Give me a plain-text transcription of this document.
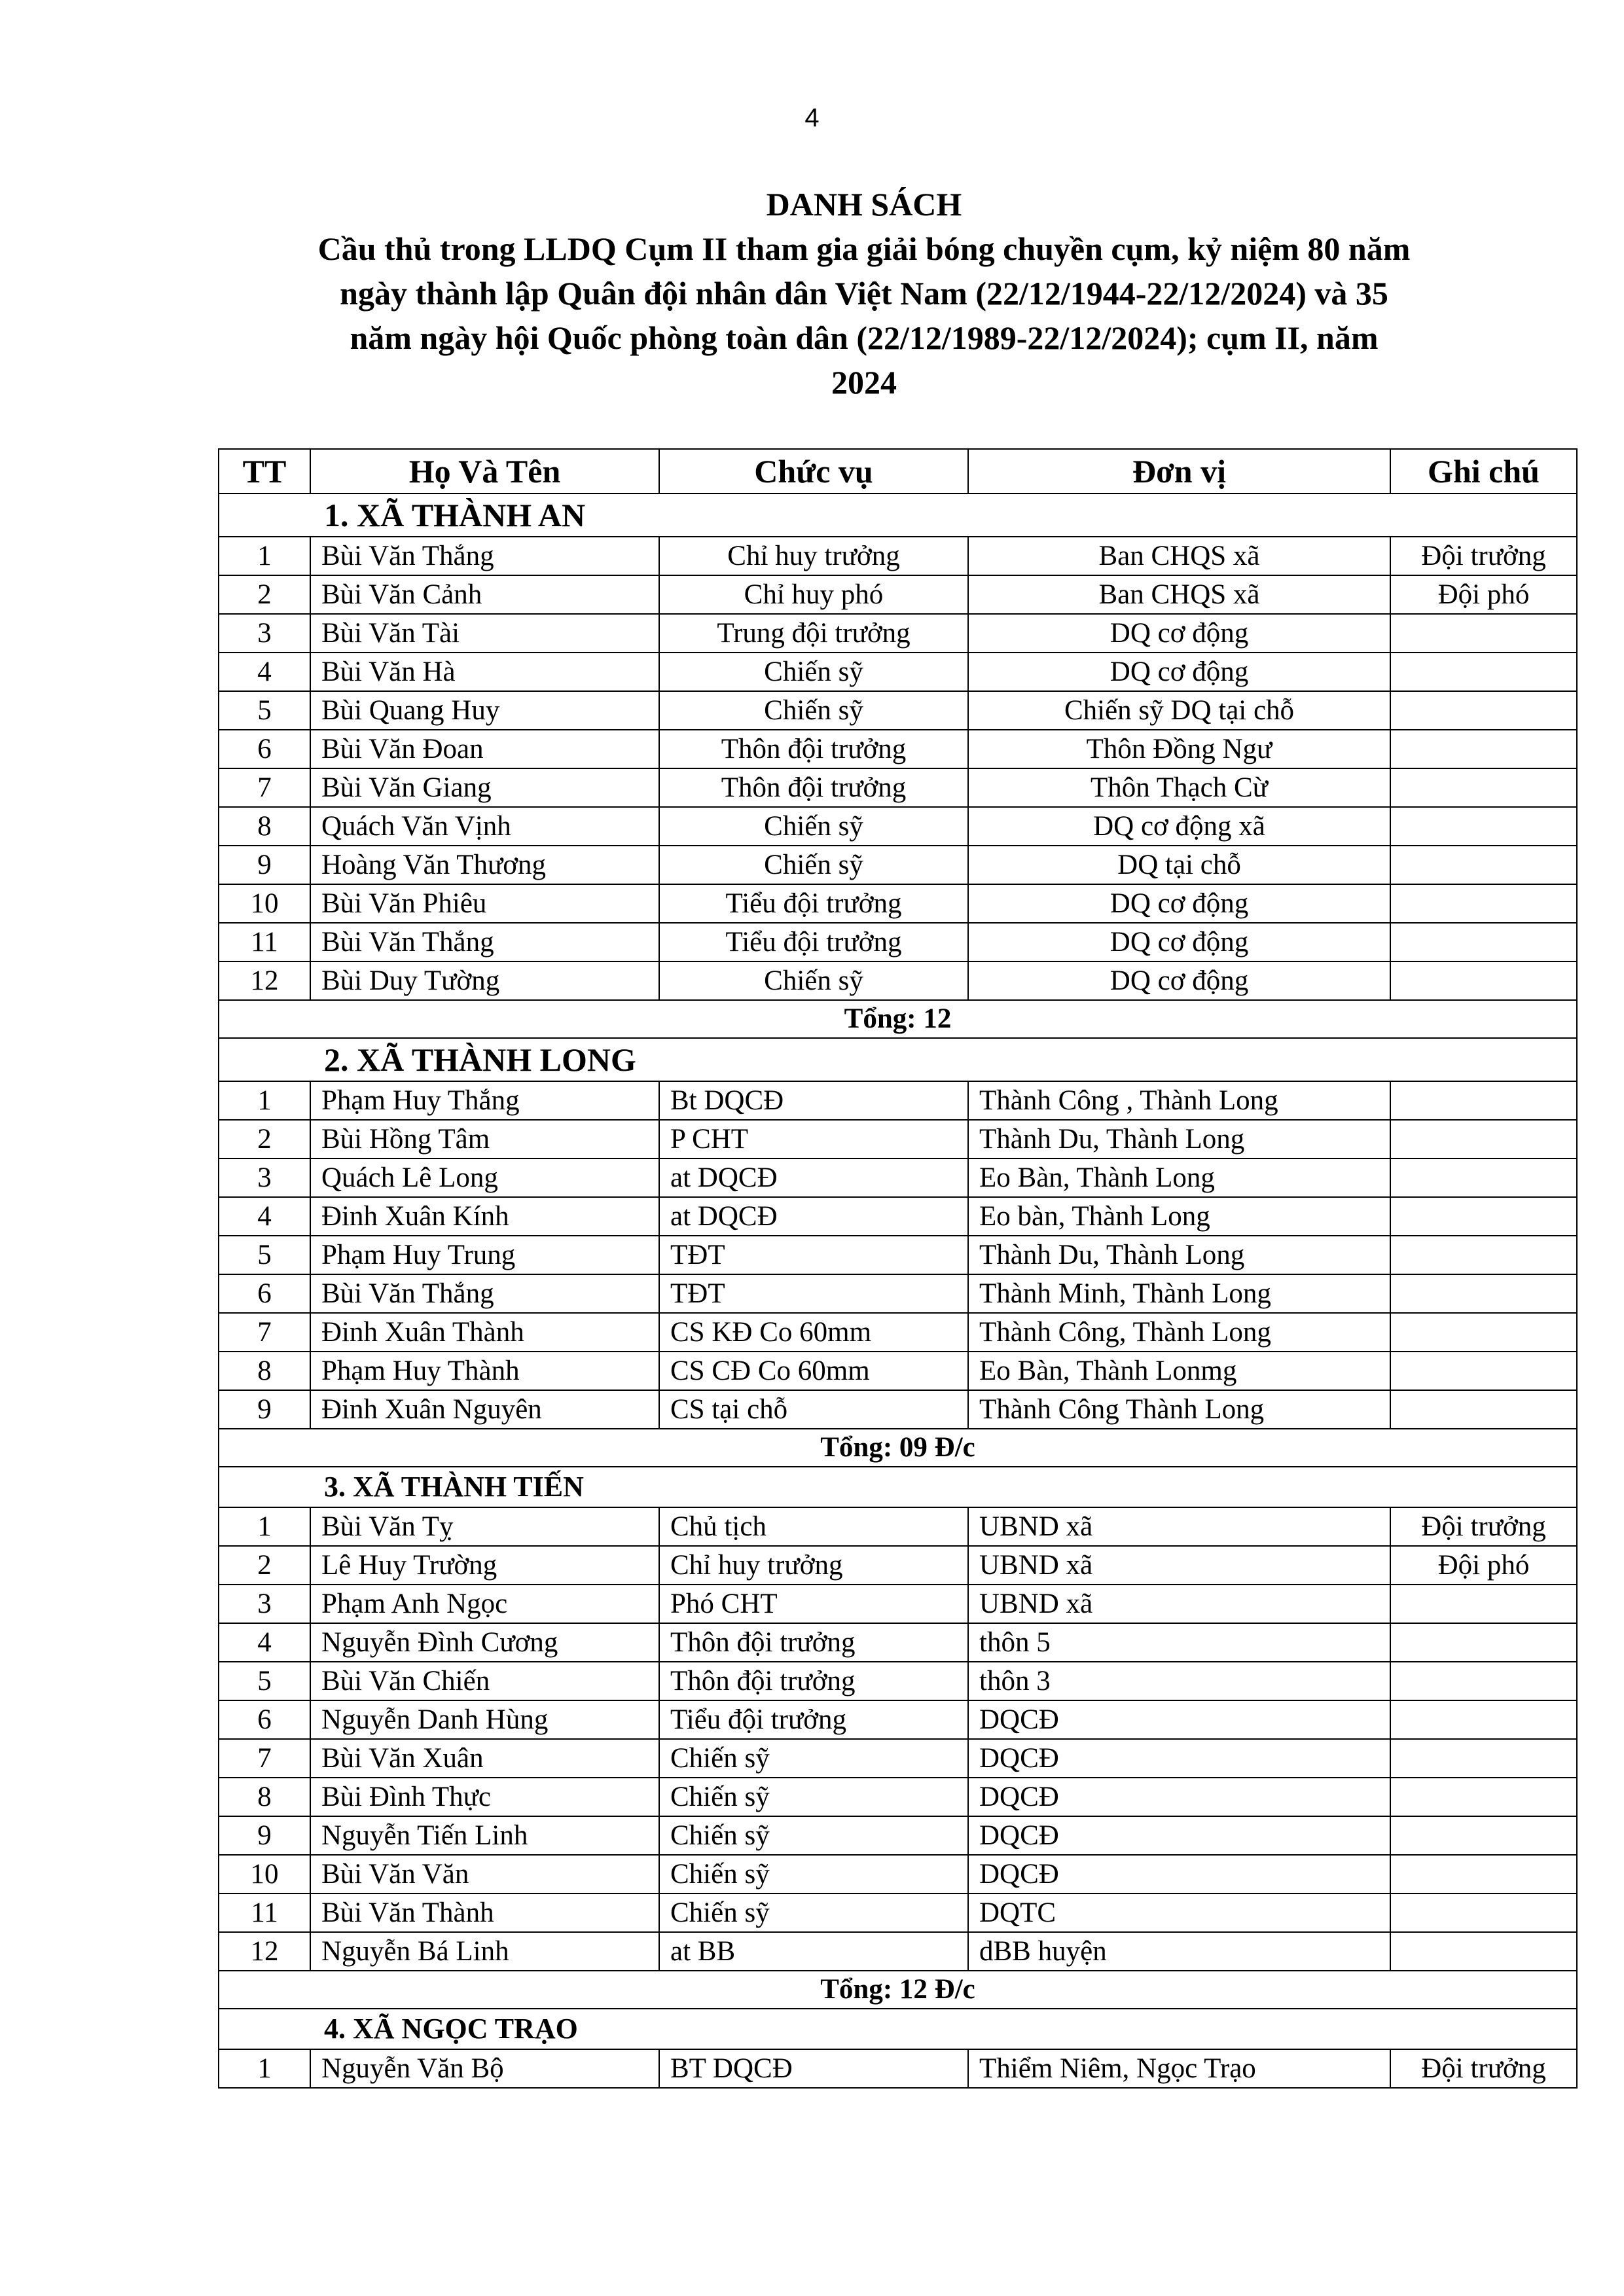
4
DANH SÁCH
Cầu thủ trong LLDQ Cụm II tham gia giải bóng chuyền cụm, kỷ niệm 80 năm
ngày thành lập Quân đội nhân dân Việt Nam (22/12/1944-22/12/2024) và 35
năm ngày hội Quốc phòng toàn dân (22/12/1989-22/12/2024); cụm II, năm
2024
TT	Họ Và Tên	Chức vụ	Đơn vị	Ghi chú
1. XÃ THÀNH AN				
1	Bùi Văn Thắng	Chỉ huy trưởng	Ban CHQS xã	Đội trưởng
2	Bùi Văn Cảnh	Chỉ huy phó	Ban CHQS xã	Đội phó
3	Bùi Văn Tài	Trung đội trưởng	DQ cơ động	
4	Bùi Văn Hà	Chiến sỹ	DQ cơ động	
5	Bùi Quang Huy	Chiến sỹ	Chiến sỹ DQ tại chỗ	
6	Bùi Văn Đoan	Thôn đội trưởng	Thôn Đồng Ngư	
7	Bùi Văn Giang	Thôn đội trưởng	Thôn Thạch Cừ	
8	Quách Văn Vịnh	Chiến sỹ	DQ cơ động xã	
9	Hoàng Văn Thương	Chiến sỹ	DQ tại chỗ	
10	Bùi Văn Phiêu	Tiểu đội trưởng	DQ cơ động	
11	Bùi Văn Thắng	Tiểu đội trưởng	DQ cơ động	
12	Bùi Duy Tường	Chiến sỹ	DQ cơ động	
Tổng: 12				
2. XÃ THÀNH LONG				
1	Phạm Huy Thắng	Bt DQCĐ	Thành Công , Thành Long	
2	Bùi Hồng Tâm	P CHT	Thành Du, Thành Long	
3	Quách Lê Long	at DQCĐ	Eo Bàn, Thành Long	
4	Đinh Xuân Kính	at DQCĐ	Eo bàn, Thành Long	
5	Phạm Huy Trung	TĐT	Thành Du, Thành Long	
6	Bùi Văn Thắng	TĐT	Thành Minh, Thành Long	
7	Đinh Xuân Thành	CS KĐ Co 60mm	Thành Công, Thành Long	
8	Phạm Huy Thành	CS CĐ Co 60mm	Eo Bàn, Thành Lonmg	
9	Đinh Xuân Nguyên	CS tại chỗ	Thành Công Thành Long	
Tổng: 09 Đ/c				
3. XÃ THÀNH TIẾN				
1	Bùi Văn Tỵ	Chủ tịch	UBND xã	Đội trưởng
2	Lê Huy Trường	Chỉ huy trưởng	UBND xã	Đội phó
3	Phạm Anh Ngọc	Phó CHT	UBND xã	
4	Nguyễn Đình Cương	Thôn đội trưởng	thôn 5	
5	Bùi Văn Chiến	Thôn đội trưởng	thôn 3	
6	Nguyễn Danh Hùng	Tiểu đội trưởng	DQCĐ	
7	Bùi Văn Xuân	Chiến sỹ	DQCĐ	
8	Bùi Đình Thực	Chiến sỹ	DQCĐ	
9	Nguyễn Tiến Linh	Chiến sỹ	DQCĐ	
10	Bùi Văn Văn	Chiến sỹ	DQCĐ	
11	Bùi Văn Thành	Chiến sỹ	DQTC	
12	Nguyễn Bá Linh	at BB	dBB huyện	
Tổng: 12 Đ/c				
4. XÃ NGỌC TRẠO				
1	Nguyễn Văn Bộ	BT DQCĐ	Thiểm Niêm, Ngọc Trạo	Đội trưởng
